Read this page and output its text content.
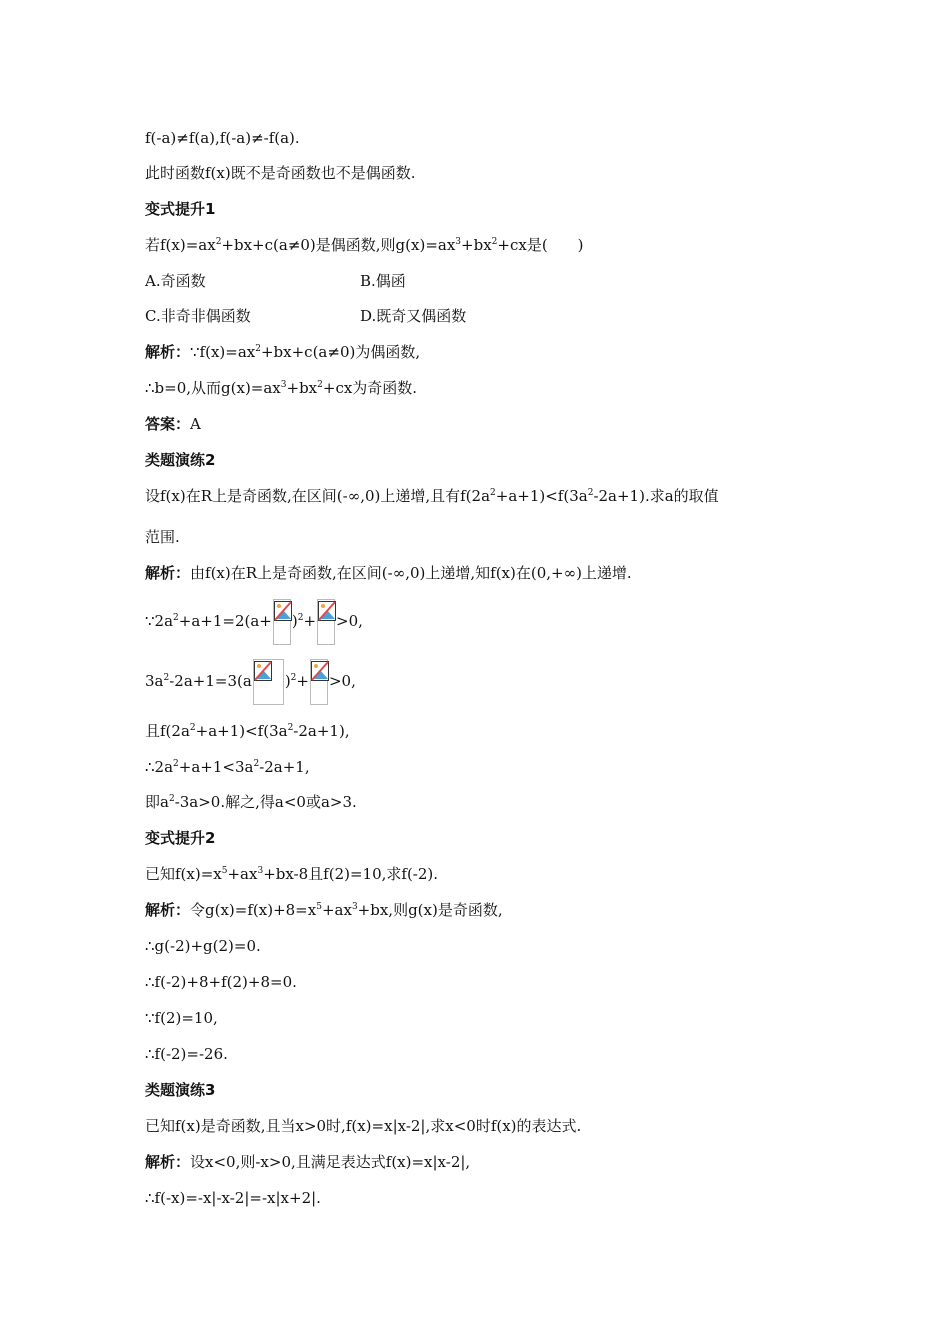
f(-a)≠f(a),f(-a)≠-f(a).
此时函数f(x)既不是奇函数也不是偶函数.
变式提升1
若$f(x)=ax^2+bx+c(a\ne 0)$是偶函数,则$g(x)=ax^3+bx^2+cx$是(　　)
A.奇函数	B.偶函
C.非奇非偶函数	D.既奇又偶函数
解析：$\because f(x)=ax^2+bx+c(a\ne 0)$为偶函数,
∴b=0,从而$g(x)=ax^3+bx^2+cx$为奇函数.
答案：A
类题演练2
设f(x)在R上是奇函数,在区间(-∞,0)上递增,且有$f(2a^2+a+1)<f(3a^2-2a+1)$.求a的取值
范围.
解析：由f(x)在R上是奇函数,在区间(-∞,0)上递增,知f(x)在(0,+∞)上递增.
$\because 2a^2+a+1=2(a+ )^2+ >0$,
$3a^2-2a+1=3(a$ )$^2$+ >0,
且$f(2a^2+a+1)<f(3a^2-2a+1)$,
$\therefore 2a^2+a+1<3a^2-2a+1$,
即$a^2-3a>0$.解之,得a<0或a>3.
变式提升2
已知$f(x)=x^5+ax^3+bx-8$且f(2)=10,求f(-2).
解析：令$g(x)=f(x)+8=x^5+ax^3+bx$,则g(x)是奇函数,
∴g(-2)+g(2)=0.
∴f(-2)+8+f(2)+8=0.
∵f(2)=10,
∴f(-2)=-26.
类题演练3
已知f(x)是奇函数,且当x>0时,f(x)=x|x-2|,求x<0时f(x)的表达式.
解析：设x<0,则-x>0,且满足表达式f(x)=x|x-2|,
∴f(-x)=-x|-x-2|=-x|x+2|.
